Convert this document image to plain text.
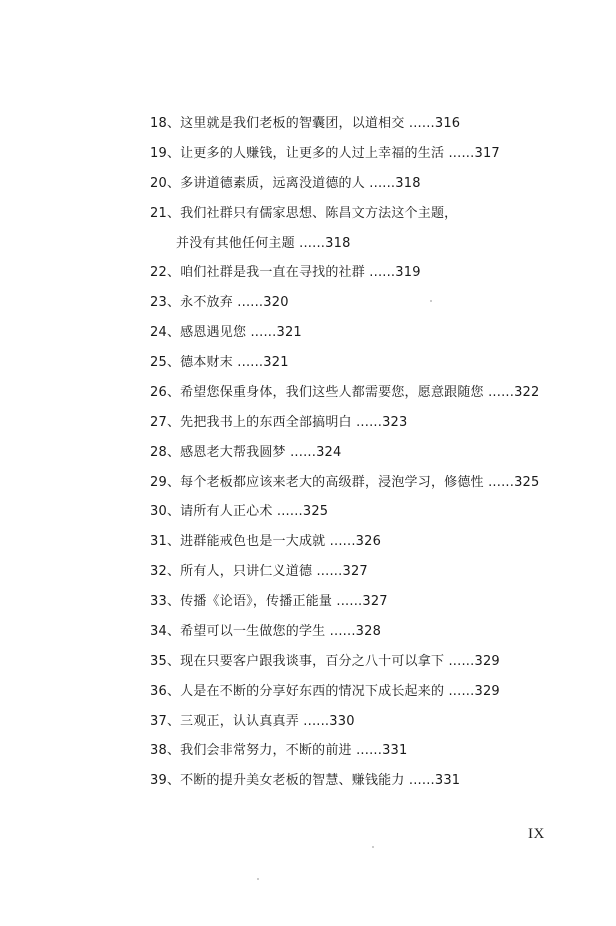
18、这里就是我们老板的智囊团，以道相交 ......316
19、让更多的人赚钱，让更多的人过上幸福的生活 ......317
20、多讲道德素质，远离没道德的人 ......318
21、我们社群只有儒家思想、陈昌文方法这个主题，
并没有其他任何主题 ......318
22、咱们社群是我一直在寻找的社群 ......319
23、永不放弃 ......320
24、感恩遇见您 ......321
25、德本财末 ......321
26、希望您保重身体，我们这些人都需要您，愿意跟随您 ......322
27、先把我书上的东西全部搞明白 ......323
28、感恩老大帮我圆梦 ......324
29、每个老板都应该来老大的高级群，浸泡学习，修德性 ......325
30、请所有人正心术 ......325
31、进群能戒色也是一大成就 ......326
32、所有人，只讲仁义道德 ......327
33、传播《论语》，传播正能量 ......327
34、希望可以一生做您的学生 ......328
35、现在只要客户跟我谈事，百分之八十可以拿下 ......329
36、人是在不断的分享好东西的情况下成长起来的 ......329
37、三观正，认认真真弄 ......330
38、我们会非常努力，不断的前进 ......331
39、不断的提升美女老板的智慧、赚钱能力 ......331
IX
